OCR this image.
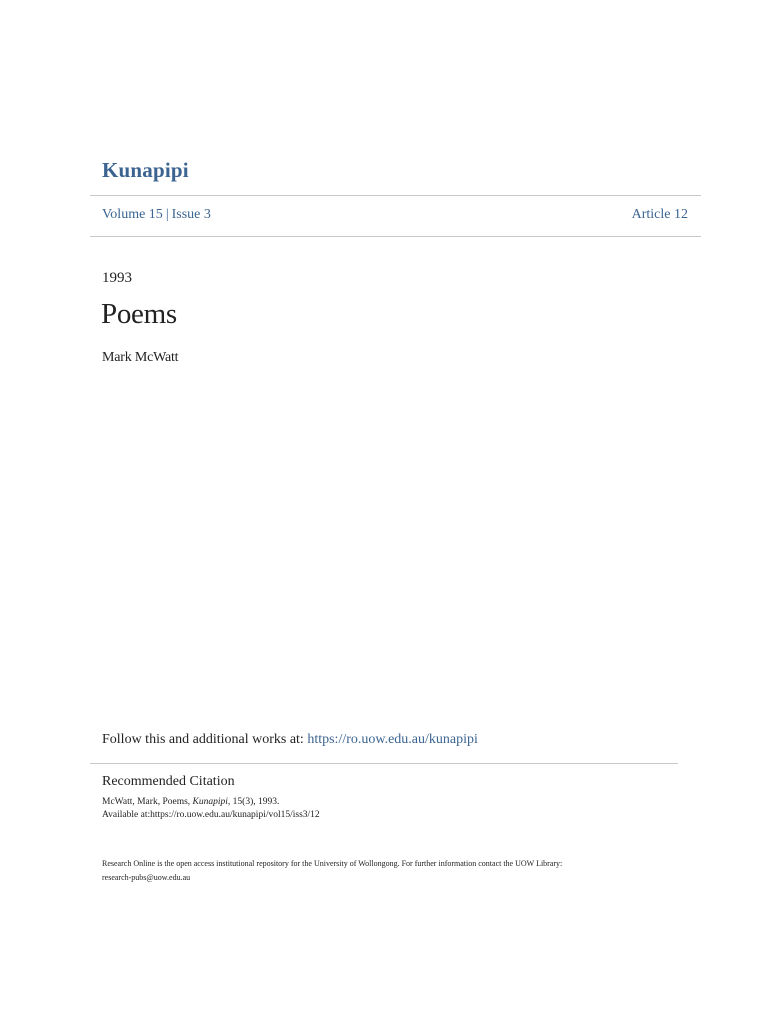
Kunapipi
Volume 15 | Issue 3	Article 12
1993
Poems
Mark McWatt
Follow this and additional works at: https://ro.uow.edu.au/kunapipi
Recommended Citation
McWatt, Mark, Poems, Kunapipi, 15(3), 1993.
Available at:https://ro.uow.edu.au/kunapipi/vol15/iss3/12
Research Online is the open access institutional repository for the University of Wollongong. For further information contact the UOW Library:
research-pubs@uow.edu.au
